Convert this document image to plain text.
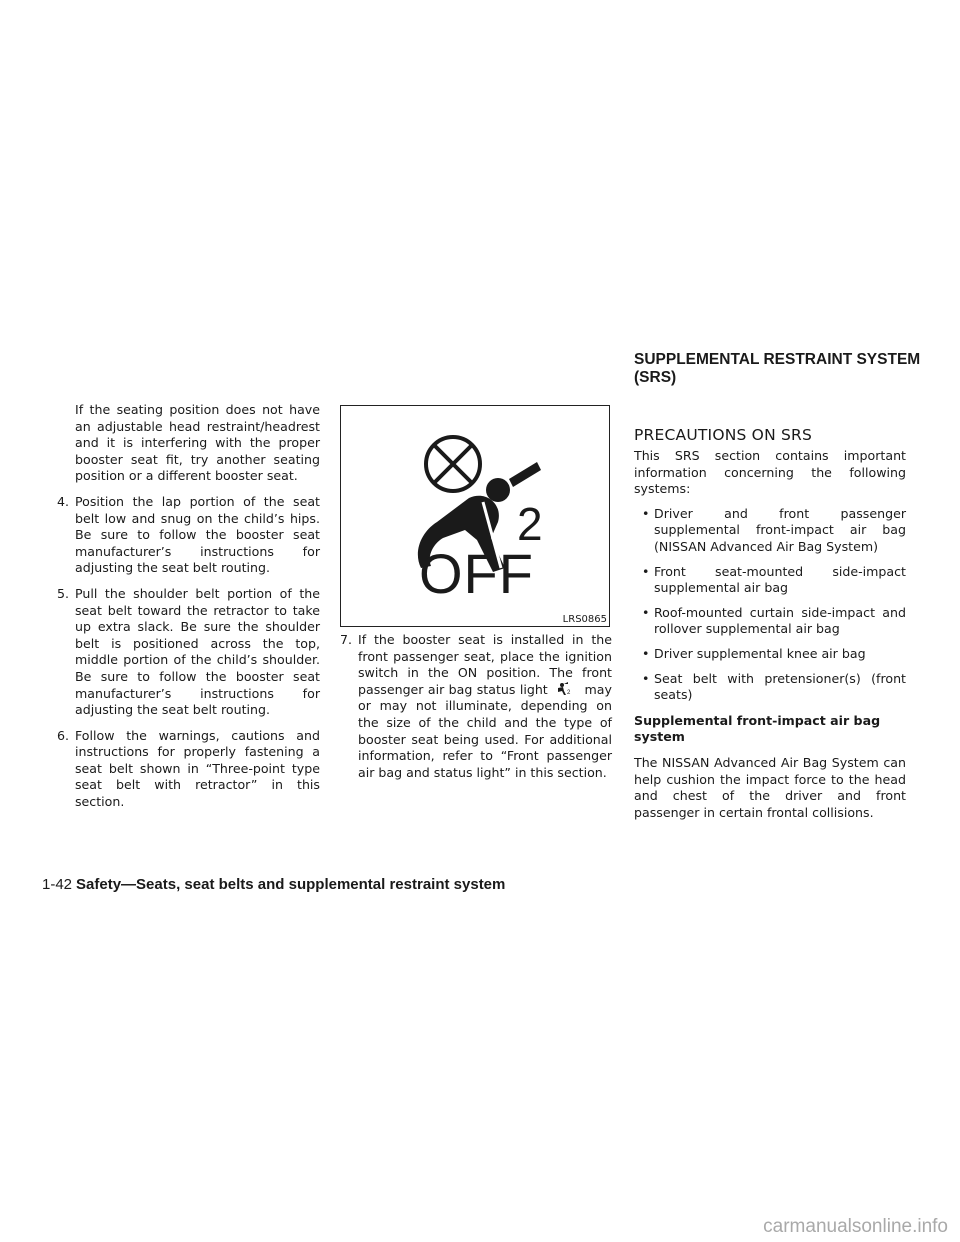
If the seating position does not have an adjustable head restraint/headrest and it is interfering with the proper booster seat fit, try another seating position or a different booster seat.

4. Position the lap portion of the seat belt low and snug on the child’s hips. Be sure to follow the booster seat manufacturer’s instructions for adjusting the seat belt routing.

5. Pull the shoulder belt portion of the seat belt toward the retractor to take up extra slack. Be sure the shoulder belt is positioned across the top, middle portion of the child’s shoulder. Be sure to follow the booster seat manufacturer’s instructions for adjusting the seat belt routing.

6. Follow the warnings, cautions and instructions for properly fastening a seat belt shown in “Three-point type seat belt with retractor” in this section.

2
OFF
LRS0865

7. If the booster seat is installed in the front passenger seat, place the ignition switch in the ON position. The front passenger air bag status light	2 may or may not illuminate, depending on the size of the child and the type of booster seat being used. For additional information, refer to “Front passenger air bag and status light” in this section.

SUPPLEMENTAL RESTRAINT SYSTEM (SRS)
PRECAUTIONS ON SRS

This SRS section contains important information concerning the following systems:

• Driver and front passenger supplemental front-impact air bag (NISSAN Advanced Air Bag System)

• Front seat-mounted side-impact supplemental air bag

• Roof-mounted curtain side-impact and rollover supplemental air bag

• Driver supplemental knee air bag

• Seat belt with pretensioner(s) (front seats)

Supplemental front-impact air bag system

The NISSAN Advanced Air Bag System can help cushion the impact force to the head and chest of the driver and front passenger in certain frontal collisions.

1-42 Safety—Seats, seat belts and supplemental restraint system
carmanualsonline.info
